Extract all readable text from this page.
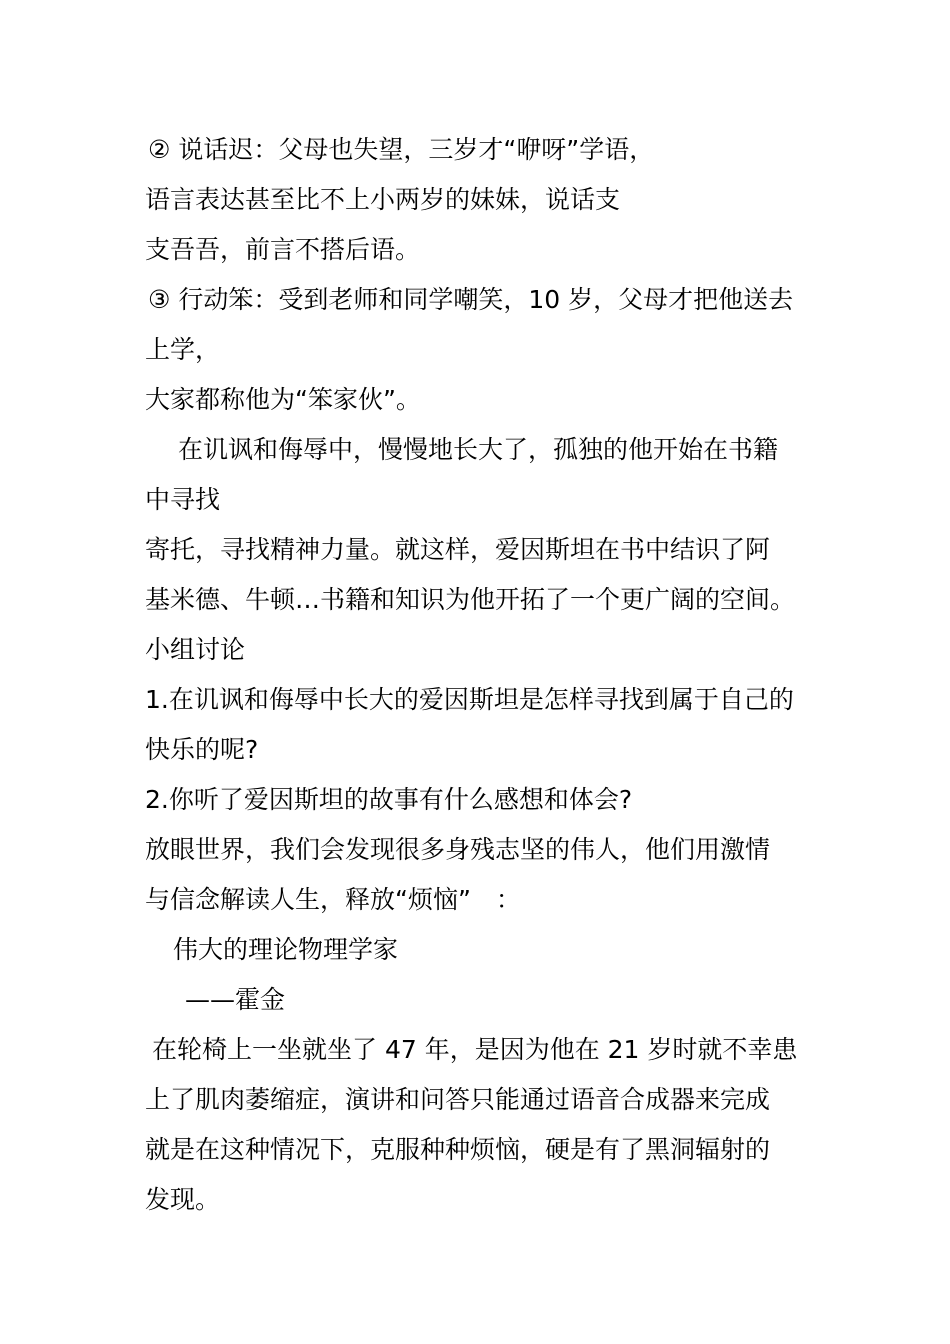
② 说话迟：父母也失望，三岁才“咿呀”学语，
语言表达甚至比不上小两岁的妹妹，说话支
支吾吾，前言不搭后语。
③ 行动笨：受到老师和同学嘲笑，10 岁，父母才把他送去
上学，
大家都称他为“笨家伙”。
在讥讽和侮辱中，慢慢地长大了，孤独的他开始在书籍
中寻找
寄托，寻找精神力量。就这样，爱因斯坦在书中结识了阿
基米德、牛顿…书籍和知识为他开拓了一个更广阔的空间。
小组讨论
1.在讥讽和侮辱中长大的爱因斯坦是怎样寻找到属于自己的
快乐的呢?
2.你听了爱因斯坦的故事有什么感想和体会?
放眼世界，我们会发现很多身残志坚的伟人，他们用激情
与信念解读人生，释放“烦恼”　：
伟大的理论物理学家
——霍金
在轮椅上一坐就坐了 47 年，是因为他在 21 岁时就不幸患
上了肌肉萎缩症，演讲和问答只能通过语音合成器来完成
就是在这种情况下，克服种种烦恼，硬是有了黑洞辐射的
发现。
